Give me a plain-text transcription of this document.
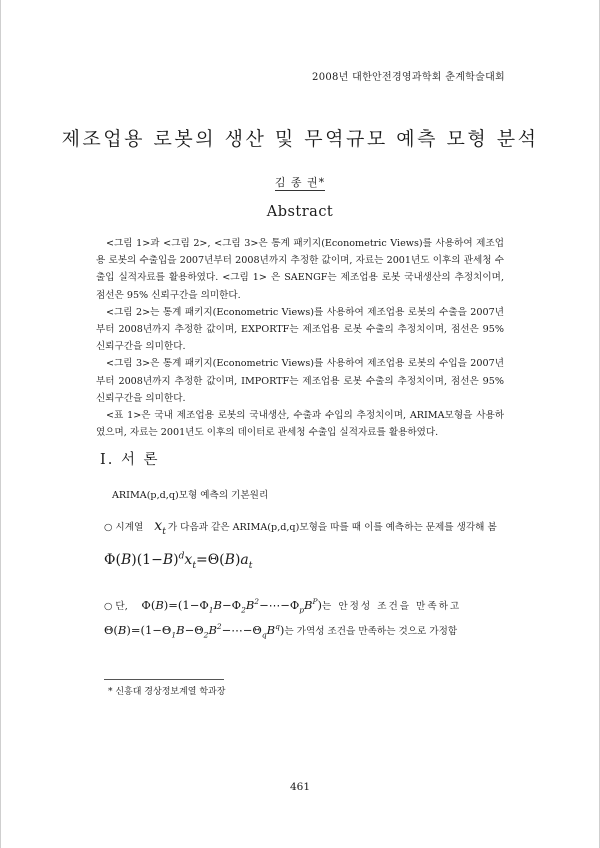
2008년 대한안전경영과학회 춘계학술대회
제조업용 로봇의 생산 및 무역규모 예측 모형 분석
김 종 권*
Abstract

<그림 1>과 <그림 2>, <그림 3>은 통계 패키지(Econometric Views)를 사용하여 제조업용 로봇의 수출입을 2007년부터 2008년까지 추정한 값이며, 자료는 2001년도 이후의 관세청 수출입 실적자료를 활용하였다. <그림 1> 은 SAENGF는 제조업용 로봇 국내생산의 추정치이며, 점선은 95% 신뢰구간을 의미한다.

<그림 2>는 통계 패키지(Econometric Views)를 사용하여 제조업용 로봇의 수출을 2007년부터 2008년까지 추정한 값이며, EXPORTF는 제조업용 로봇 수출의 추정치이며, 점선은 95% 신뢰구간을 의미한다.

<그림 3>은 통계 패키지(Econometric Views)를 사용하여 제조업용 로봇의 수입을 2007년부터 2008년까지 추정한 값이며, IMPORTF는 제조업용 로봇 수출의 추정치이며, 점선은 95% 신뢰구간을 의미한다.

<표 1>은 국내 제조업용 로봇의 국내생산, 수출과 수입의 추정치이며, ARIMA모형을 사용하였으며, 자료는 2001년도 이후의 데이터로 관세청 수출입 실적자료를 활용하였다.

Ⅰ. 서 론
ARIMA(p,d,q)모형 예측의 기본원리
○ 시계열 $x_t$ 가 다음과 같은 ARIMA(p,d,q)모형을 따를 때 이를 예측하는 문제를 생각해 봄
$\Phi(B)(1-B)^dx_t=\Theta(B)a_t$
○ 단, $\Phi(B)=(1-\Phi_1B-\Phi_2B^2-\cdots-\Phi_pB^P)$는 안정성 조건을 만족하고
$\Theta(B)=(1-\Theta_1B-\Theta_2B^2-\cdots-\Theta_qB^q)$는 가역성 조건을 만족하는 것으로 가정함
* 신흥대 경상정보계열 학과장
461
